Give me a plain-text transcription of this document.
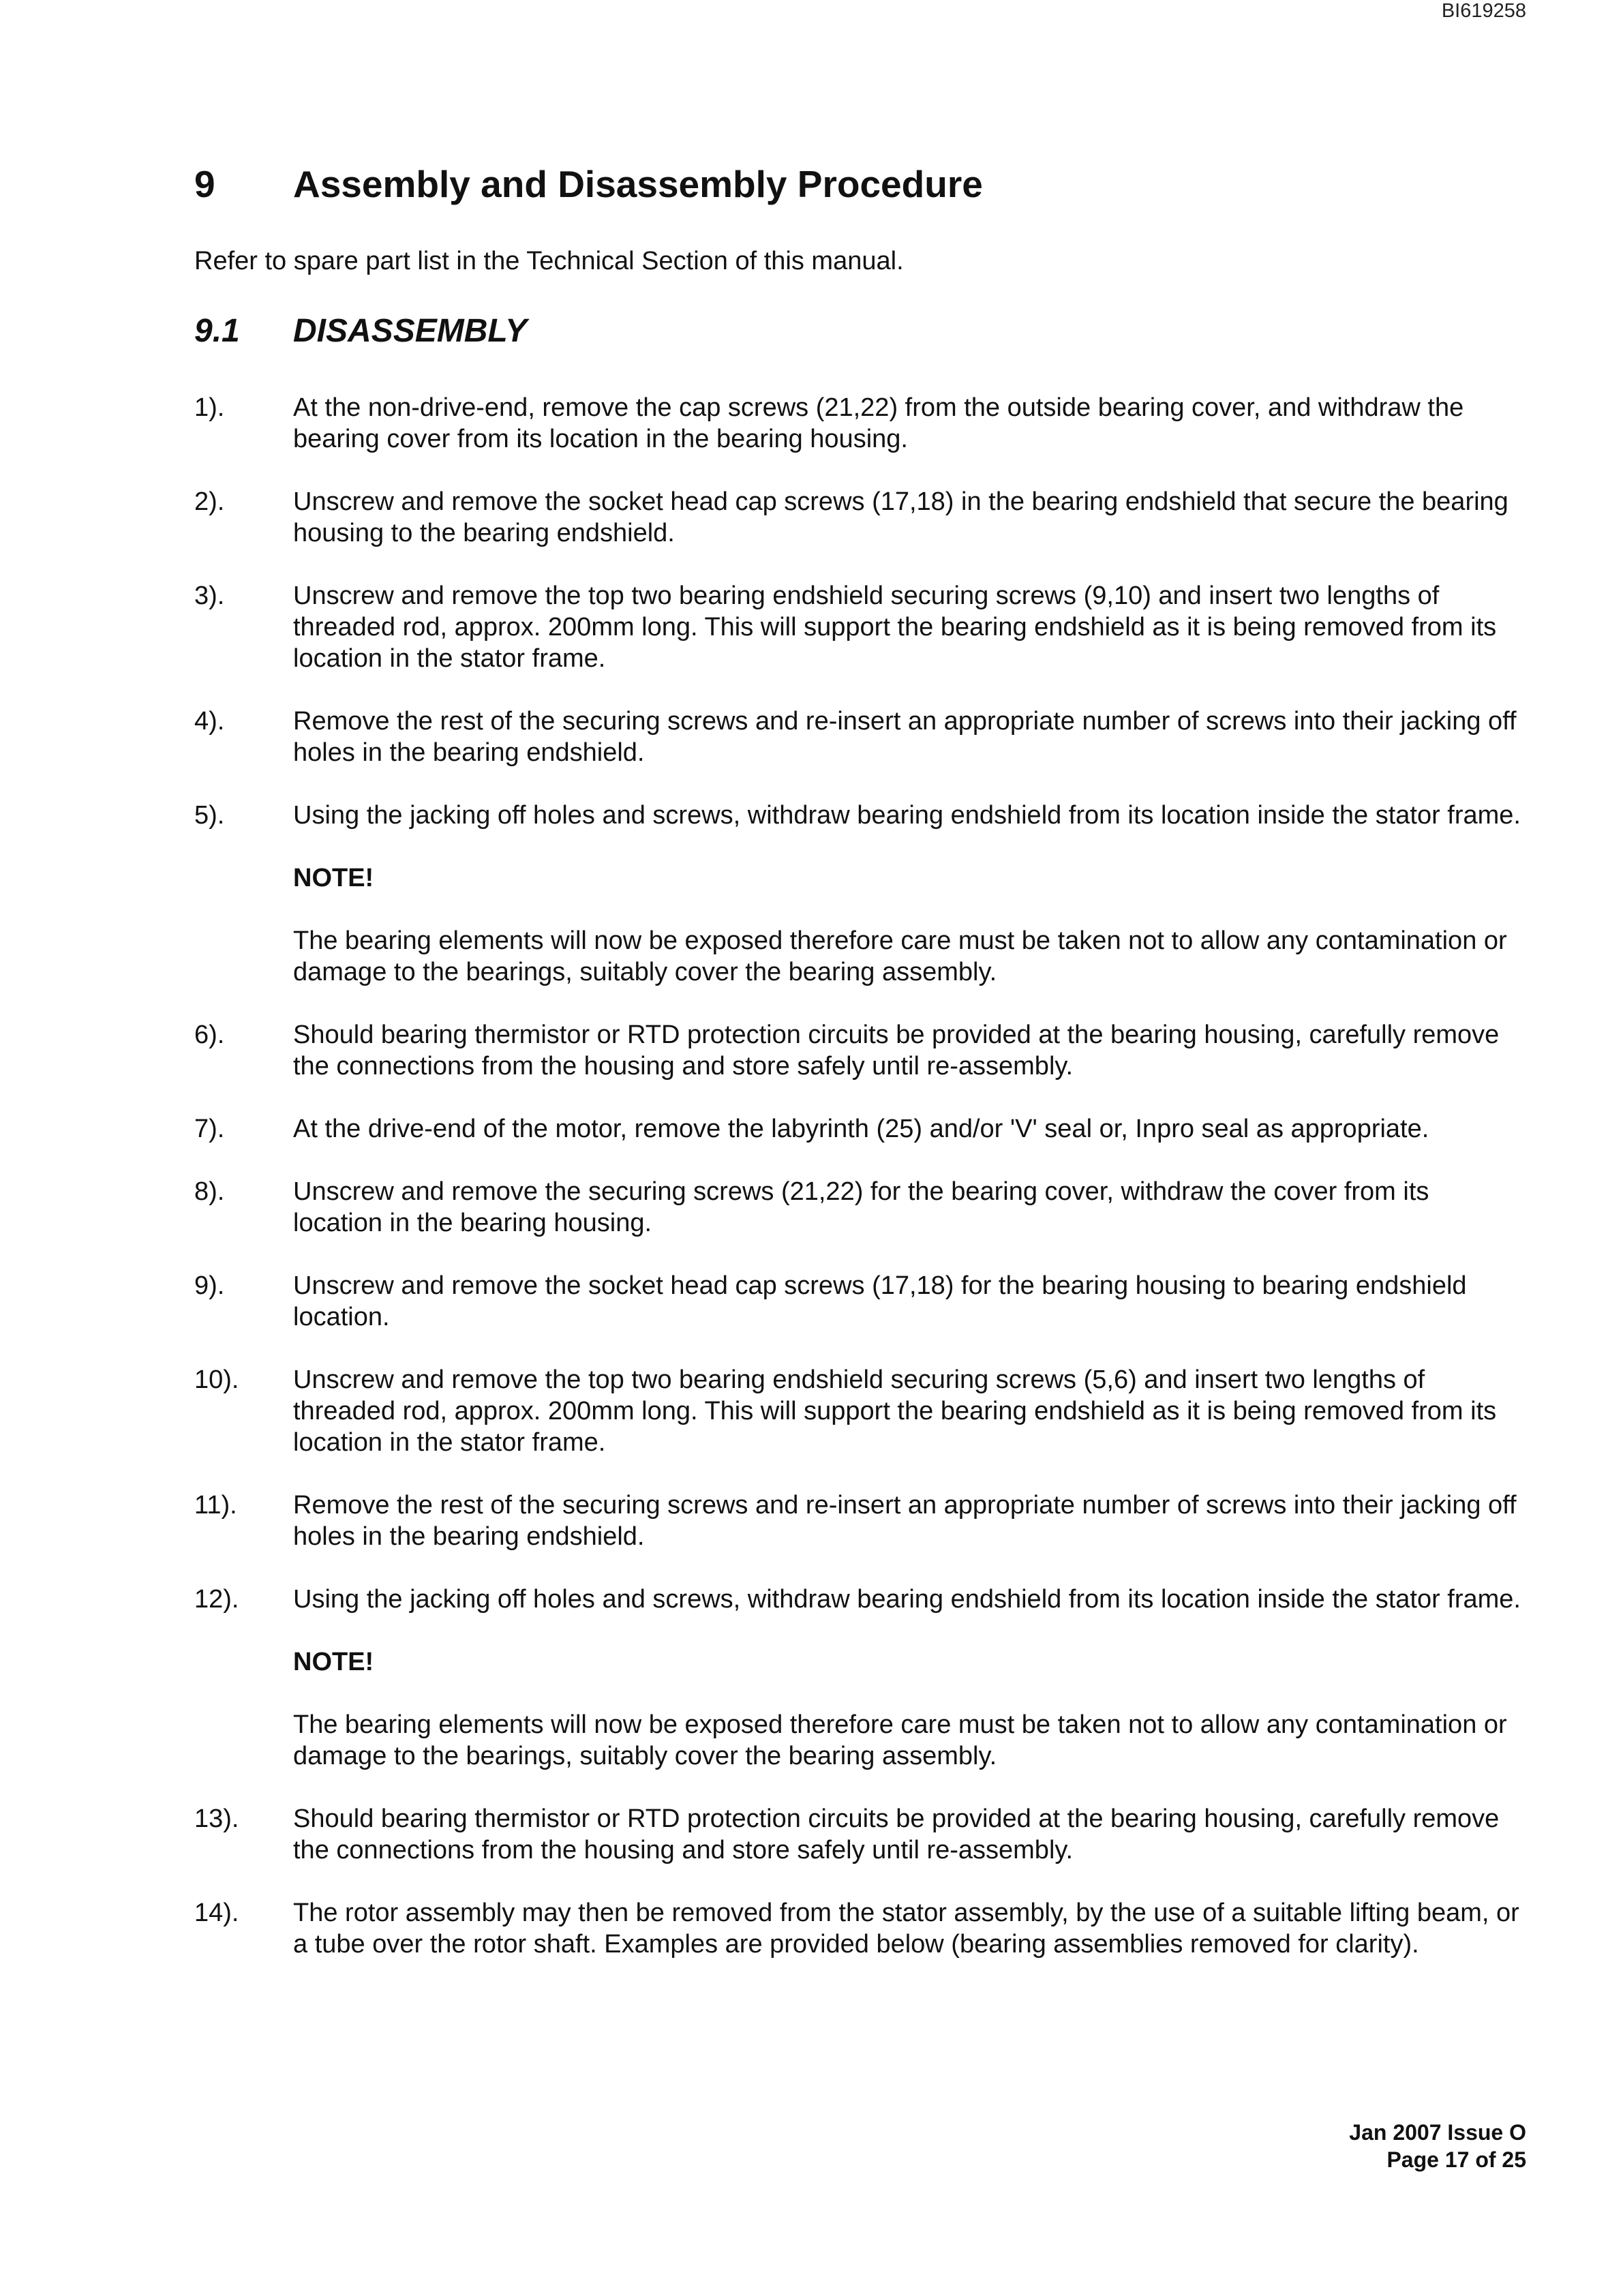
BI619258
9 Assembly and Disassembly Procedure

Refer to spare part list in the Technical Section of this manual.

9.1 DISASSEMBLY
1).	At the non-drive-end, remove the cap screws (21,22) from the outside bearing cover, and withdraw the bearing cover from its location in the bearing housing.
2).	Unscrew and remove the socket head cap screws (17,18) in the bearing endshield that secure the bearing housing to the bearing endshield.
3).	Unscrew and remove the top two bearing endshield securing screws (9,10) and insert two lengths of threaded rod, approx. 200mm long. This will support the bearing endshield as it is being removed from its location in the stator frame.
4).	Remove the rest of the securing screws and re-insert an appropriate number of screws into their jacking off holes in the bearing endshield.
5).	Using the jacking off holes and screws, withdraw bearing endshield from its location inside the stator frame.
NOTE!
The bearing elements will now be exposed therefore care must be taken not to allow any contamination or damage to the bearings, suitably cover the bearing assembly.
6).	Should bearing thermistor or RTD protection circuits be provided at the bearing housing, carefully remove the connections from the housing and store safely until re-assembly.
7).	At the drive-end of the motor, remove the labyrinth (25) and/or 'V' seal or, Inpro seal as appropriate.
8).	Unscrew and remove the securing screws (21,22) for the bearing cover, withdraw the cover from its location in the bearing housing.
9).	Unscrew and remove the socket head cap screws (17,18) for the bearing housing to bearing endshield location.
10).	Unscrew and remove the top two bearing endshield securing screws (5,6) and insert two lengths of threaded rod, approx. 200mm long. This will support the bearing endshield as it is being removed from its location in the stator frame.
11).	Remove the rest of the securing screws and re-insert an appropriate number of screws into their jacking off holes in the bearing endshield.
12).	Using the jacking off holes and screws, withdraw bearing endshield from its location inside the stator frame.
NOTE!
The bearing elements will now be exposed therefore care must be taken not to allow any contamination or damage to the bearings, suitably cover the bearing assembly.
13).	Should bearing thermistor or RTD protection circuits be provided at the bearing housing, carefully remove the connections from the housing and store safely until re-assembly.
14).	The rotor assembly may then be removed from the stator assembly, by the use of a suitable lifting beam, or a tube over the rotor shaft. Examples are provided below (bearing assemblies removed for clarity).
Jan 2007 Issue O
Page 17 of 25
